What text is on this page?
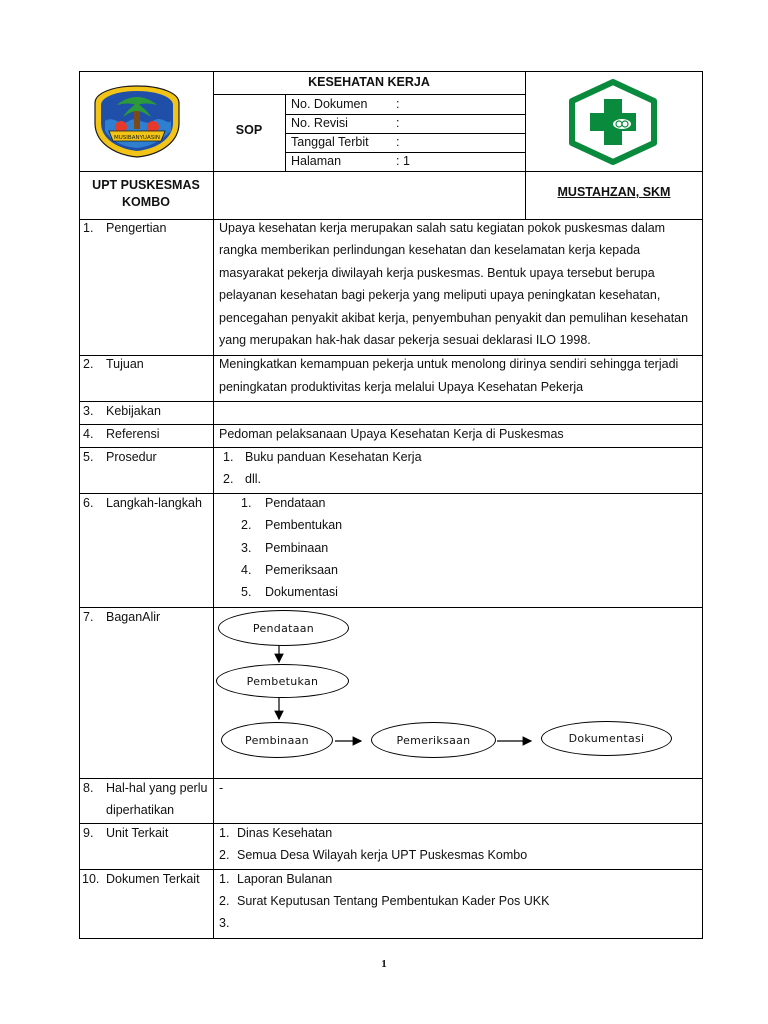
MUSIBANYUASIN
KESEHATAN KERJA
SOP
No. Dokumen :
No. Revisi	:
Tanggal Terbit :
Halaman	: 1
UPT PUSKESMAS
KOMBO
MUSTAHZAN, SKM
1. Pengertian	Upaya kesehatan kerja merupakan salah satu kegiatan pokok puskesmas dalam
rangka memberikan perlindungan kesehatan dan keselamatan kerja kepada
masyarakat pekerja diwilayah kerja puskesmas. Bentuk upaya tersebut berupa
pelayanan kesehatan bagi pekerja yang meliputi upaya peningkatan kesehatan,
pencegahan penyakit akibat kerja, penyembuhan penyakit dan pemulihan kesehatan
yang merupakan hak-hak dasar pekerja sesuai deklarasi ILO 1998.
2. Tujuan	Meningkatkan kemampuan pekerja untuk menolong dirinya sendiri sehingga terjadi
peningkatan produktivitas kerja melalui Upaya Kesehatan Pekerja
3. Kebijakan
4. Referensi	Pedoman pelaksanaan Upaya Kesehatan Kerja di Puskesmas
5. Prosedur	1. Buku panduan Kesehatan Kerja
2. dll.
6. Langkah-langkah	1. Pendataan
2. Pembentukan
3. Pembinaan
4. Pemeriksaan
5. Dokumentasi
7. BaganAlir
Pendataan
Pembetukan
Pembinaan	Pemeriksaan	Dokumentasi
8. Hal-hal yang perlu
diperhatikan
-
9. Unit Terkait	1. Dinas Kesehatan
2. Semua Desa Wilayah kerja UPT Puskesmas Kombo
10. Dokumen Terkait 1. Laporan Bulanan
2. Surat Keputusan Tentang Pembentukan Kader Pos UKK
3.
1
